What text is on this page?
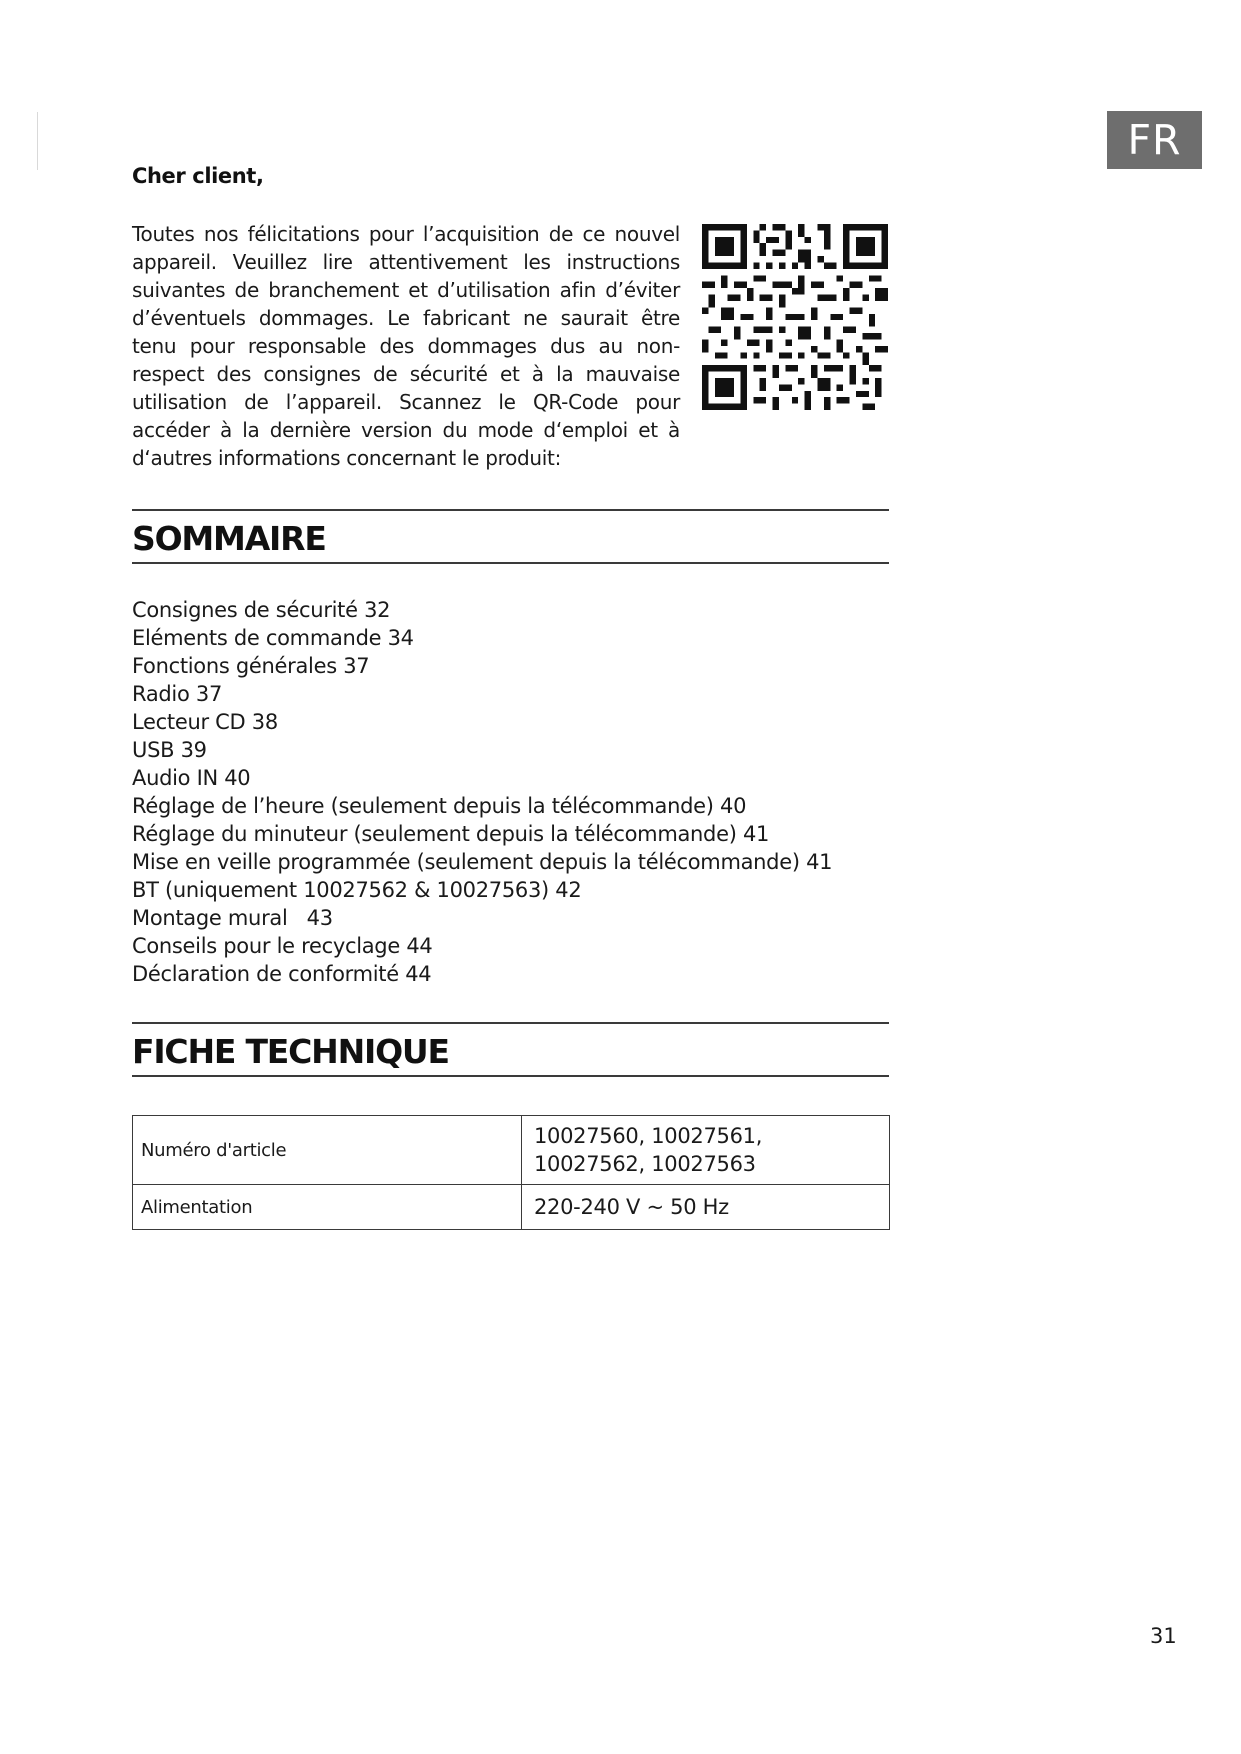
FR
Cher client,
Toutes nos félicitations pour l’acquisition de ce nouvel appareil. Veuillez lire attentivement les instructions suivantes de branchement et d’utilisation afin d’éviter d’éventuels dommages. Le fabricant ne saurait être tenu pour responsable des dommages dus au non-respect des consignes de sécurité et à la mauvaise utilisation de l’appareil. Scannez le QR-Code pour accéder à la dernière version du mode d‘emploi et à d‘autres informations concernant le produit:
SOMMAIRE
Consignes de sécurité 32
Eléments de commande 34
Fonctions générales 37
Radio 37
Lecteur CD 38
USB 39
Audio IN 40
Réglage de l’heure (seulement depuis la télécommande) 40
Réglage du minuteur (seulement depuis la télécommande) 41
Mise en veille programmée (seulement depuis la télécommande) 41
BT (uniquement 10027562 & 10027563) 42
Montage mural   43
Conseils pour le recyclage 44
Déclaration de conformité 44
FICHE TECHNIQUE
Numéro d'article	10027560, 10027561, 10027562, 10027563
Alimentation	220-240 V ~ 50 Hz
31
